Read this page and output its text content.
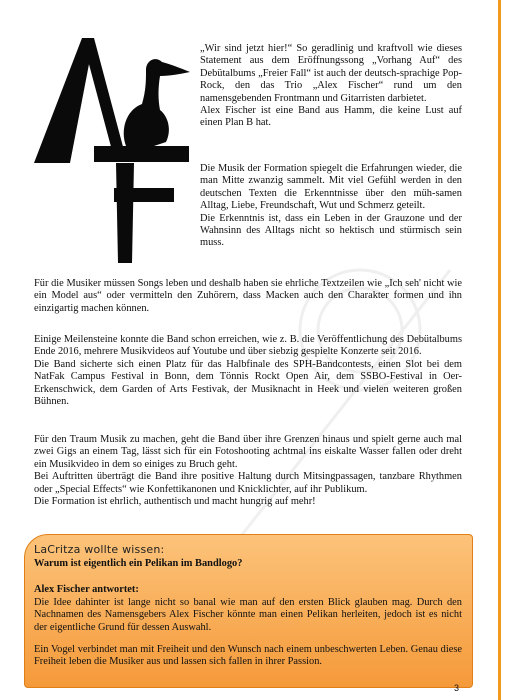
„Wir sind jetzt hier!“ So geradlinig und kraftvoll wie dieses Statement aus dem Eröffnungssong „Vorhang Auf“ des Debütalbums „Freier Fall“ ist auch der deutsch-sprachige Pop-Rock, den das Trio „Alex Fischer“ rund um den namensgebenden Frontmann und Gitarristen darbietet.
Alex Fischer ist eine Band aus Hamm, die keine Lust auf einen Plan B hat.
Die Musik der Formation spiegelt die Erfahrungen wieder, die man Mitte zwanzig sammelt. Mit viel Gefühl werden in den deutschen Texten die Erkenntnisse über den müh-samen Alltag, Liebe, Freundschaft, Wut und Schmerz geteilt.
Die Erkenntnis ist, dass ein Leben in der Grauzone und der Wahnsinn des Alltags nicht so hektisch und stürmisch sein muss.
Für die Musiker müssen Songs leben und deshalb haben sie ehrliche Textzeilen wie „Ich seh' nicht wie ein Model aus“ oder vermitteln den Zuhörern, dass Macken auch den Charakter formen und ihn einzigartig machen können.
Einige Meilensteine konnte die Band schon erreichen, wie z. B. die Veröffentlichung des Debütalbums Ende 2016, mehrere Musikvideos auf Youtube und über siebzig gespielte Konzerte seit 2016.
Die Band sicherte sich einen Platz für das Halbfinale des SPH-Bandcontests, einen Slot bei dem NatFak Campus Festival in Bonn, dem Tönnis Rockt Open Air, dem SSBO-Festival in Oer-Erkenschwick, dem Garden of Arts Festivak, der Musiknacht in Heek und vielen weiteren großen Bühnen.
Für den Traum Musik zu machen, geht die Band über ihre Grenzen hinaus und spielt gerne auch mal zwei Gigs an einem Tag, lässt sich für ein Fotoshooting achtmal ins eiskalte Wasser fallen oder dreht ein Musikvideo in dem so einiges zu Bruch geht.
Bei Auftritten überträgt die Band ihre positive Haltung durch Mitsingpassagen, tanzbare Rhythmen oder „Special Effects“ wie Konfettikanonen und Knicklichter, auf ihr Publikum.
Die Formation ist ehrlich, authentisch und macht hungrig auf mehr!
LaCritza wollte wissen:
Warum ist eigentlich ein Pelikan im Bandlogo?
Alex Fischer antwortet:
Die Idee dahinter ist lange nicht so banal wie man auf den ersten Blick glauben mag. Durch den Nachnamen des Namensgebers Alex Fischer könnte man einen Pelikan herleiten, jedoch ist es nicht der eigentliche Grund für dessen Auswahl.
Ein Vogel verbindet man mit Freiheit und den Wunsch nach einem unbeschwerten Leben. Genau diese Freiheit leben die Musiker aus und lassen sich fallen in ihrer Passion.
3
